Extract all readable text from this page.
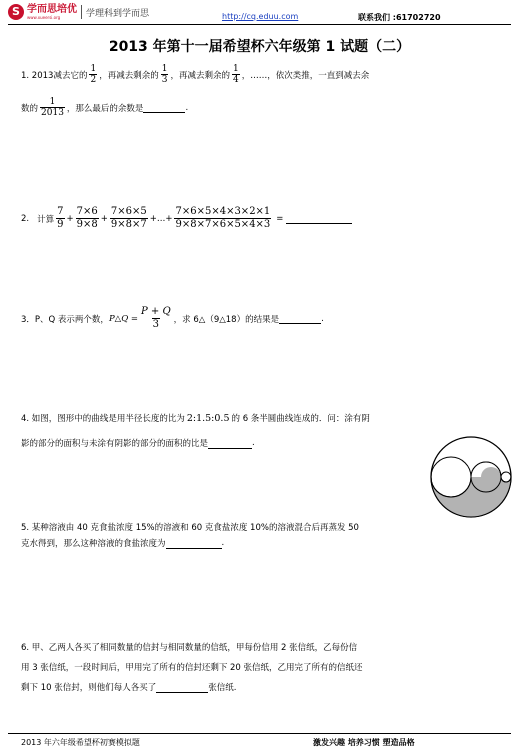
S 学而思培优
www.xueersi.org	学理科到学而思	http://cq.eduu.com	联系我们 :61702720
2013 年第十一届希望杯六年级第 1 试题（二）
1. 2013减去它的 $\frac{1}{2}$ ，再减去剩余的 $\frac{1}{3}$ ，再减去剩余的 $\frac{1}{4}$ ，……，依次类推，一直到减去余
数的 $\frac{1}{2013}$ ，那么最后的余数是	.
2. 计算 $\frac{7}{9} + \frac{7\times 6}{9\times 8} + \frac{7\times 6\times 5}{9\times 8\times 7}$ +…+ $\frac{7\times 6\times 5\times 4\times 3\times 2\times 1}{9\times 8\times 7\times 6\times 5\times 4\times 3}$ =
3．P、Q 表示两个数， P△Q = $\frac{P + Q}{3}$ ，求 6△（9△18）的结果是	.
4. 如图，图形中的曲线是用半径长度的比为 2:1.5:0.5 的 6 条半圆曲线连成的．问：涂有阴
影的部分的面积与未涂有阴影的部分的面积的比是	.
5. 某种溶液由 40 克食盐浓度 15%的溶液和 60 克食盐浓度 10%的溶液混合后再蒸发 50
克水得到，那么这种溶液的食盐浓度为	.
6. 甲、乙两人各买了相同数量的信封与相同数量的信纸，甲每份信用 2 张信纸，乙每份信
用 3 张信纸，一段时间后，甲用完了所有的信封还剩下 20 张信纸，乙用完了所有的信纸还
剩下 10 张信封，则他们每人各买了	张信纸.
2013 年六年级希望杯初赛模拟题	激发兴趣 培养习惯 塑造品格
